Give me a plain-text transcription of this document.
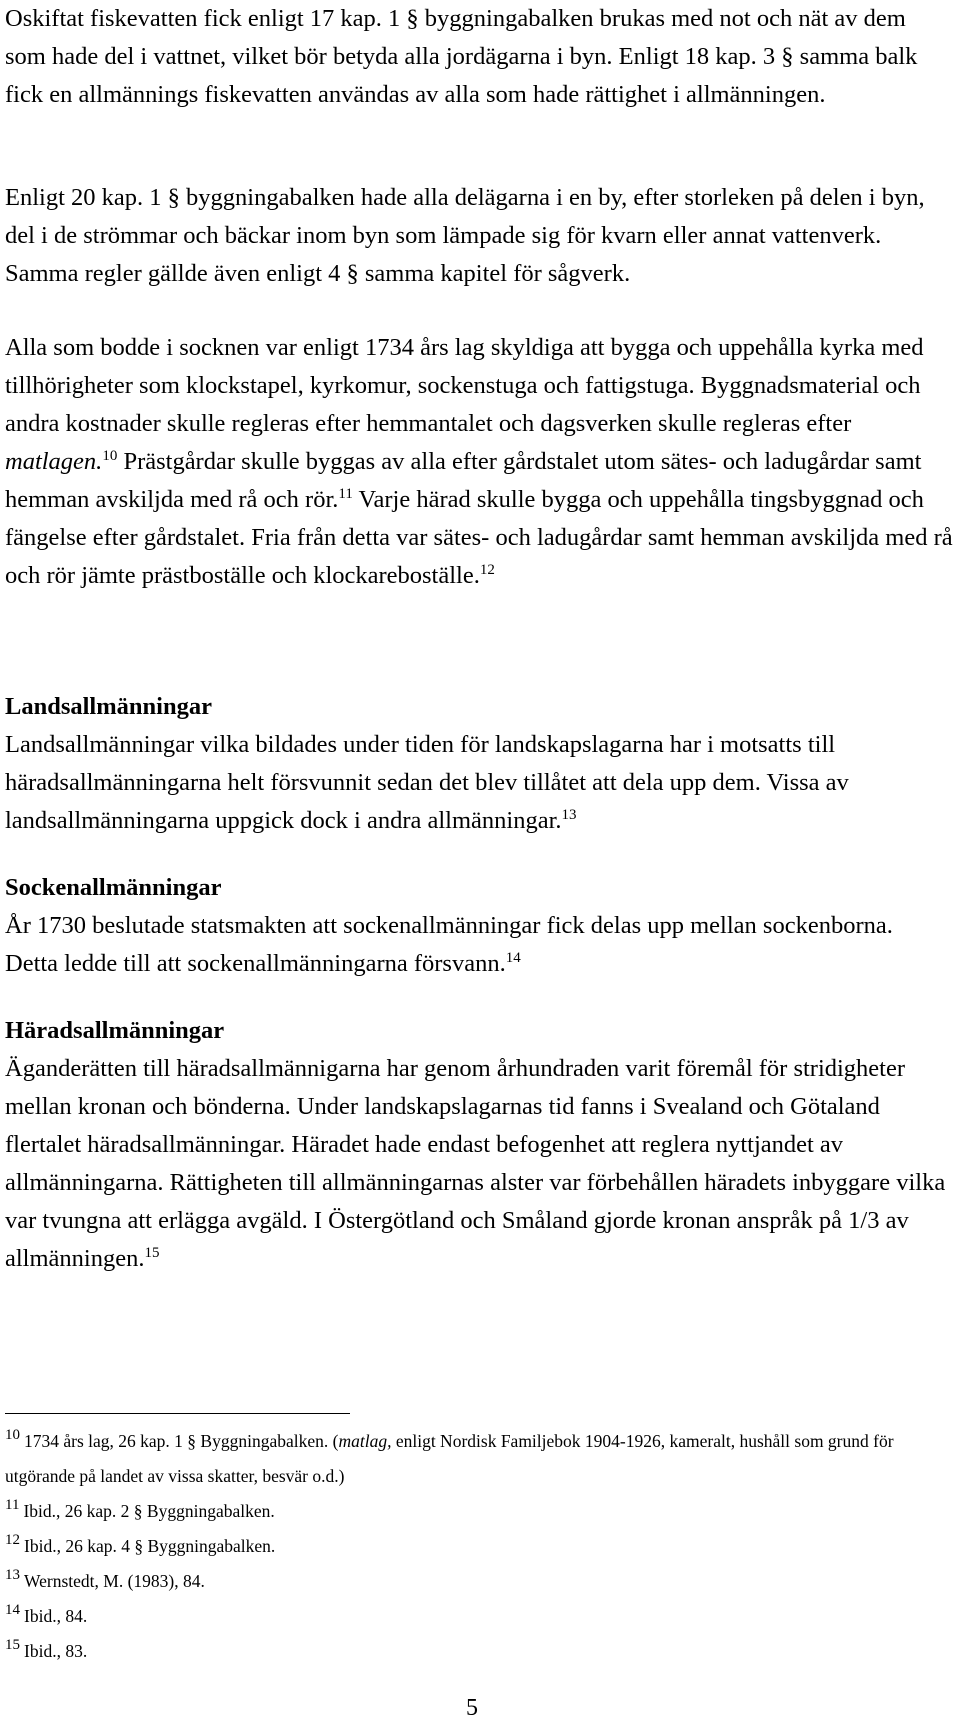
Oskiftat fiskevatten fick enligt 17 kap. 1 § byggningabalken brukas med not och nät av dem som hade del i vattnet, vilket bör betyda alla jordägarna i byn. Enligt 18 kap. 3 § samma balk fick en allmännings fiskevatten användas av alla som hade rättighet i allmänningen.

Enligt 20 kap. 1 § byggningabalken hade alla delägarna i en by, efter storleken på delen i byn, del i de strömmar och bäckar inom byn som lämpade sig för kvarn eller annat vattenverk. Samma regler gällde även enligt 4 § samma kapitel för sågverk.

Alla som bodde i socknen var enligt 1734 års lag skyldiga att bygga och uppehålla kyrka med tillhörigheter som klockstapel, kyrkomur, sockenstuga och fattigstuga. Byggnadsmaterial och andra kostnader skulle regleras efter hemmantalet och dagsverken skulle regleras efter matlagen.$^{10}$ Prästgårdar skulle byggas av alla efter gårdstalet utom sätes- och ladugårdar samt hemman avskiljda med rå och rör.$^{11}$ Varje härad skulle bygga och uppehålla tingsbyggnad och fängelse efter gårdstalet. Fria från detta var sätes- och ladugårdar samt hemman avskiljda med rå och rör jämte prästboställe och klockareboställe.$^{12}$

Landsallmänningar

Landsallmänningar vilka bildades under tiden för landskapslagarna har i motsatts till häradsallmänningarna helt försvunnit sedan det blev tillåtet att dela upp dem. Vissa av landsallmänningarna uppgick dock i andra allmänningar.$^{13}$

Sockenallmänningar

År 1730 beslutade statsmakten att sockenallmänningar fick delas upp mellan sockenborna. Detta ledde till att sockenallmänningarna försvann.$^{14}$

Häradsallmänningar

Äganderätten till häradsallmännigarna har genom århundraden varit föremål för stridigheter mellan kronan och bönderna. Under landskapslagarnas tid fanns i Svealand och Götaland flertalet häradsallmänningar. Häradet hade endast befogenhet att reglera nyttjandet av allmänningarna. Rättigheten till allmänningarnas alster var förbehållen häradets inbyggare vilka var tvungna att erlägga avgäld. I Östergötland och Småland gjorde kronan anspråk på 1/3 av allmänningen.$^{15}$

10 1734 års lag, 26 kap. 1 § Byggningabalken. (matlag, enligt Nordisk Familjebok 1904-1926, kameralt, hushåll som grund för utgörande på landet av vissa skatter, besvär o.d.)

11 Ibid., 26 kap. 2 § Byggningabalken.

12 Ibid., 26 kap. 4 § Byggningabalken.

13 Wernstedt, M. (1983), 84.

14 Ibid., 84.

15 Ibid., 83.

5
